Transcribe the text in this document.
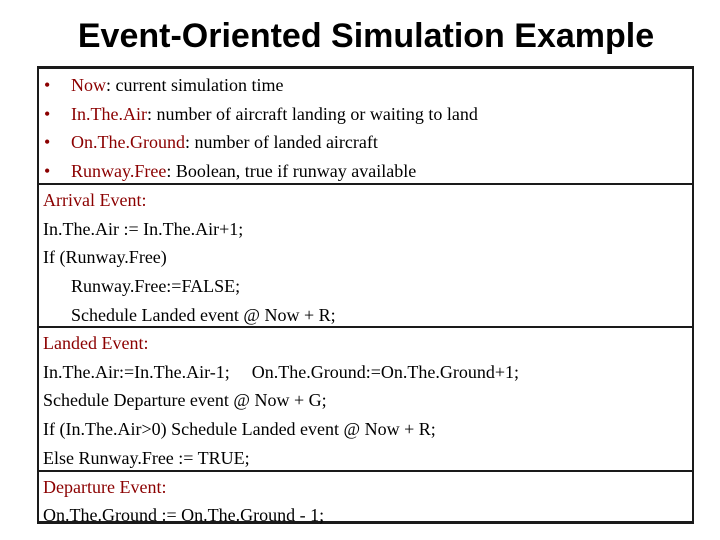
Event-Oriented Simulation Example
• Now: current simulation time
• In.The.Air: number of aircraft landing or waiting to land
• On.The.Ground: number of landed aircraft
• Runway.Free: Boolean, true if runway available
Arrival Event:
In.The.Air := In.The.Air+1;
If (Runway.Free)
Runway.Free:=FALSE;
Schedule Landed event @ Now + R;
Landed Event:
In.The.Air:=In.The.Air-1; On.The.Ground:=On.The.Ground+1;
Schedule Departure event @ Now + G;
If (In.The.Air>0) Schedule Landed event @ Now + R;
Else Runway.Free := TRUE;
Departure Event:
On.The.Ground := On.The.Ground - 1;
